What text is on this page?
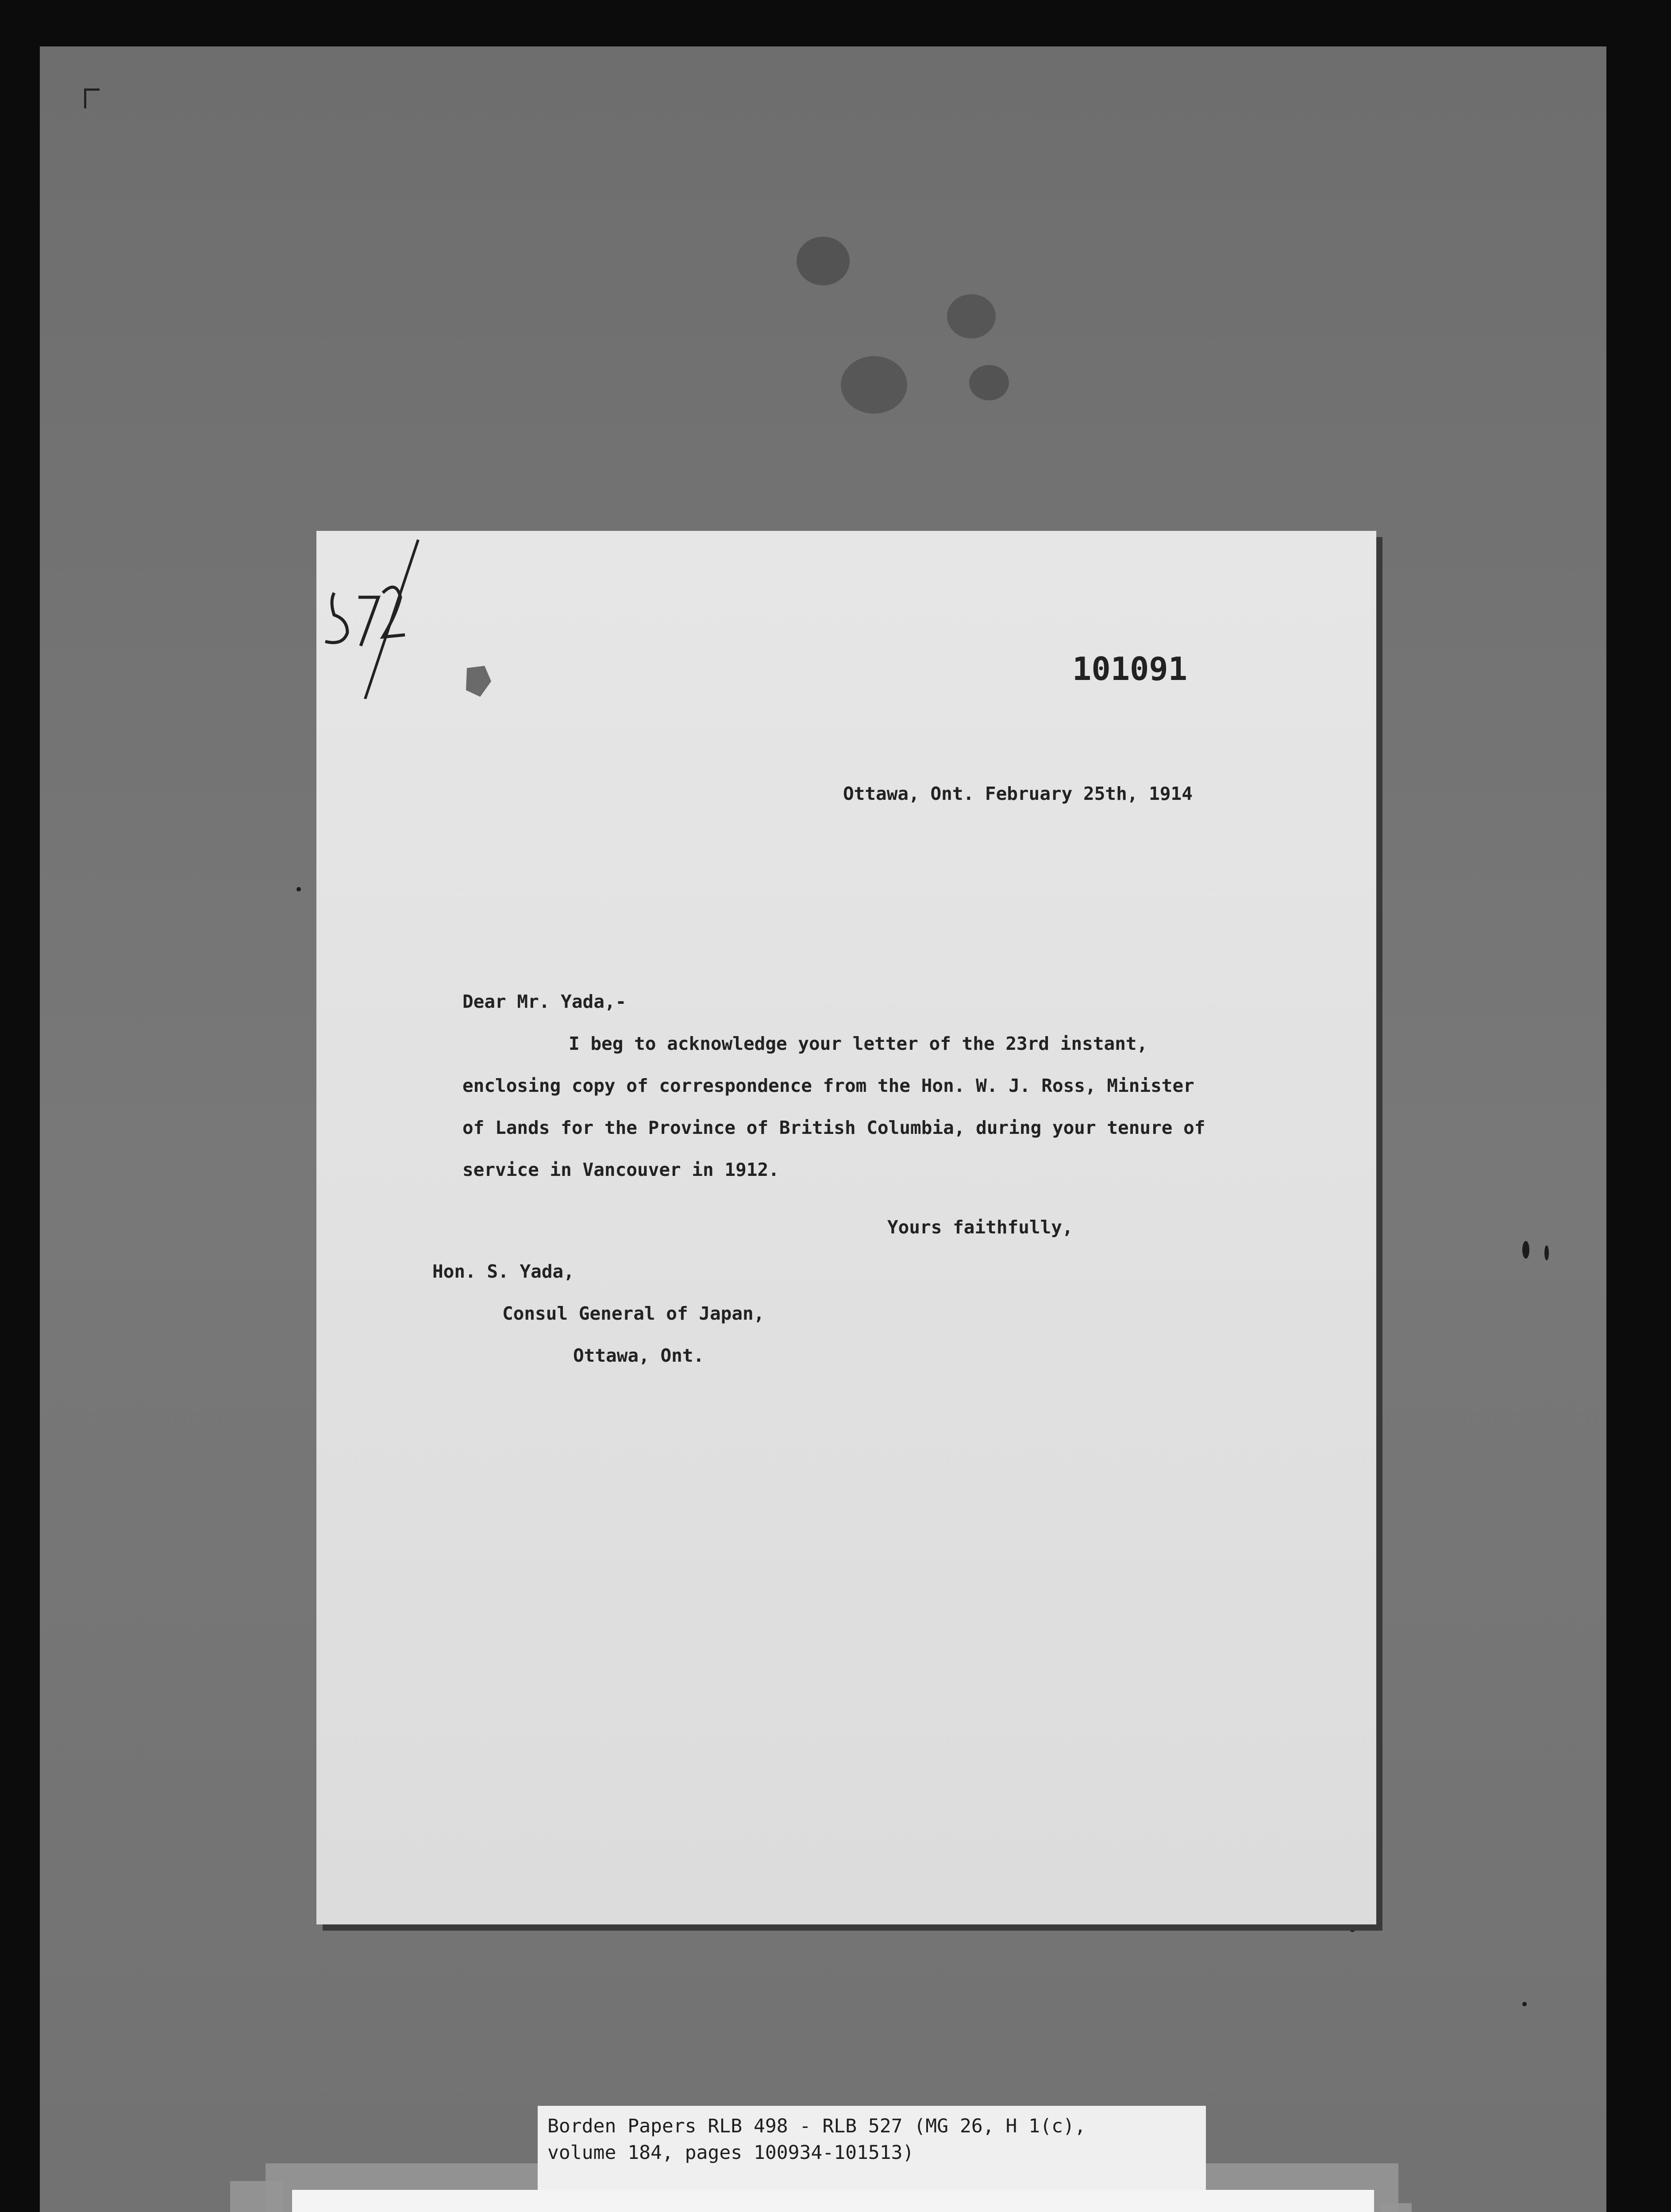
101091

Ottawa, Ont. February 25th, 1914

Dear Mr. Yada,-

I beg to acknowledge your letter of the 23rd instant,

enclosing copy of correspondence from the Hon. W. J. Ross, Minister

of Lands for the Province of British Columbia, during your tenure of

service in Vancouver in 1912.

Yours faithfully,

Hon. S. Yada,

Consul General of Japan,

Ottawa, Ont.

Borden Papers RLB 498 - RLB 527 (MG 26, H 1(c),

volume 184, pages 100934-101513)
